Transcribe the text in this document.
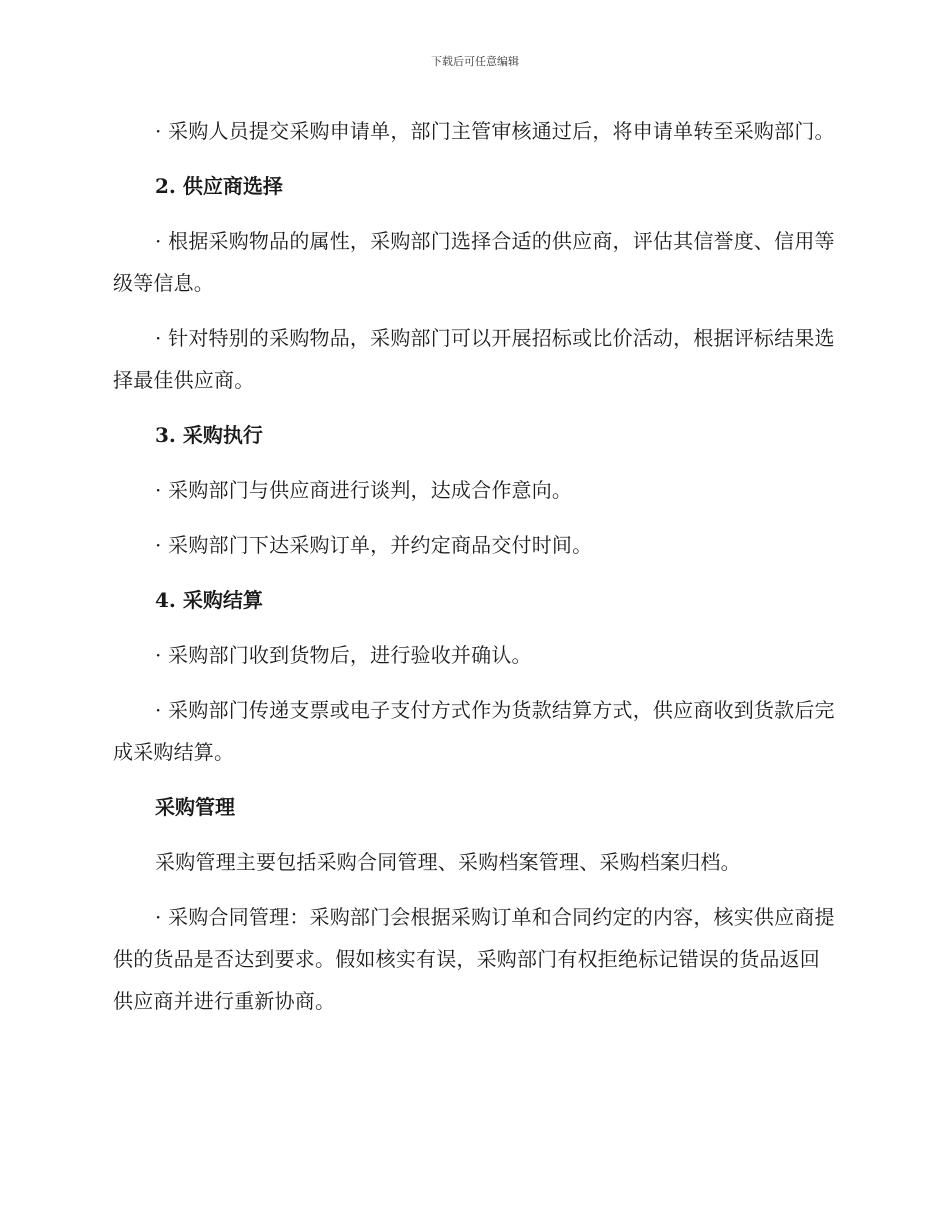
下载后可任意编辑

· 采购人员提交采购申请单，部门主管审核通过后，将申请单转至采购部门。

2. 供应商选择

· 根据采购物品的属性，采购部门选择合适的供应商，评估其信誉度、信用等级等信息。

· 针对特别的采购物品，采购部门可以开展招标或比价活动，根据评标结果选择最佳供应商。

3. 采购执行

· 采购部门与供应商进行谈判，达成合作意向。

· 采购部门下达采购订单，并约定商品交付时间。

4. 采购结算

· 采购部门收到货物后，进行验收并确认。

· 采购部门传递支票或电子支付方式作为货款结算方式，供应商收到货款后完成采购结算。

采购管理

采购管理主要包括采购合同管理、采购档案管理、采购档案归档。

· 采购合同管理：采购部门会根据采购订单和合同约定的内容，核实供应商提供的货品是否达到要求。假如核实有误，采购部门有权拒绝标记错误的货品返回供应商并进行重新协商。
